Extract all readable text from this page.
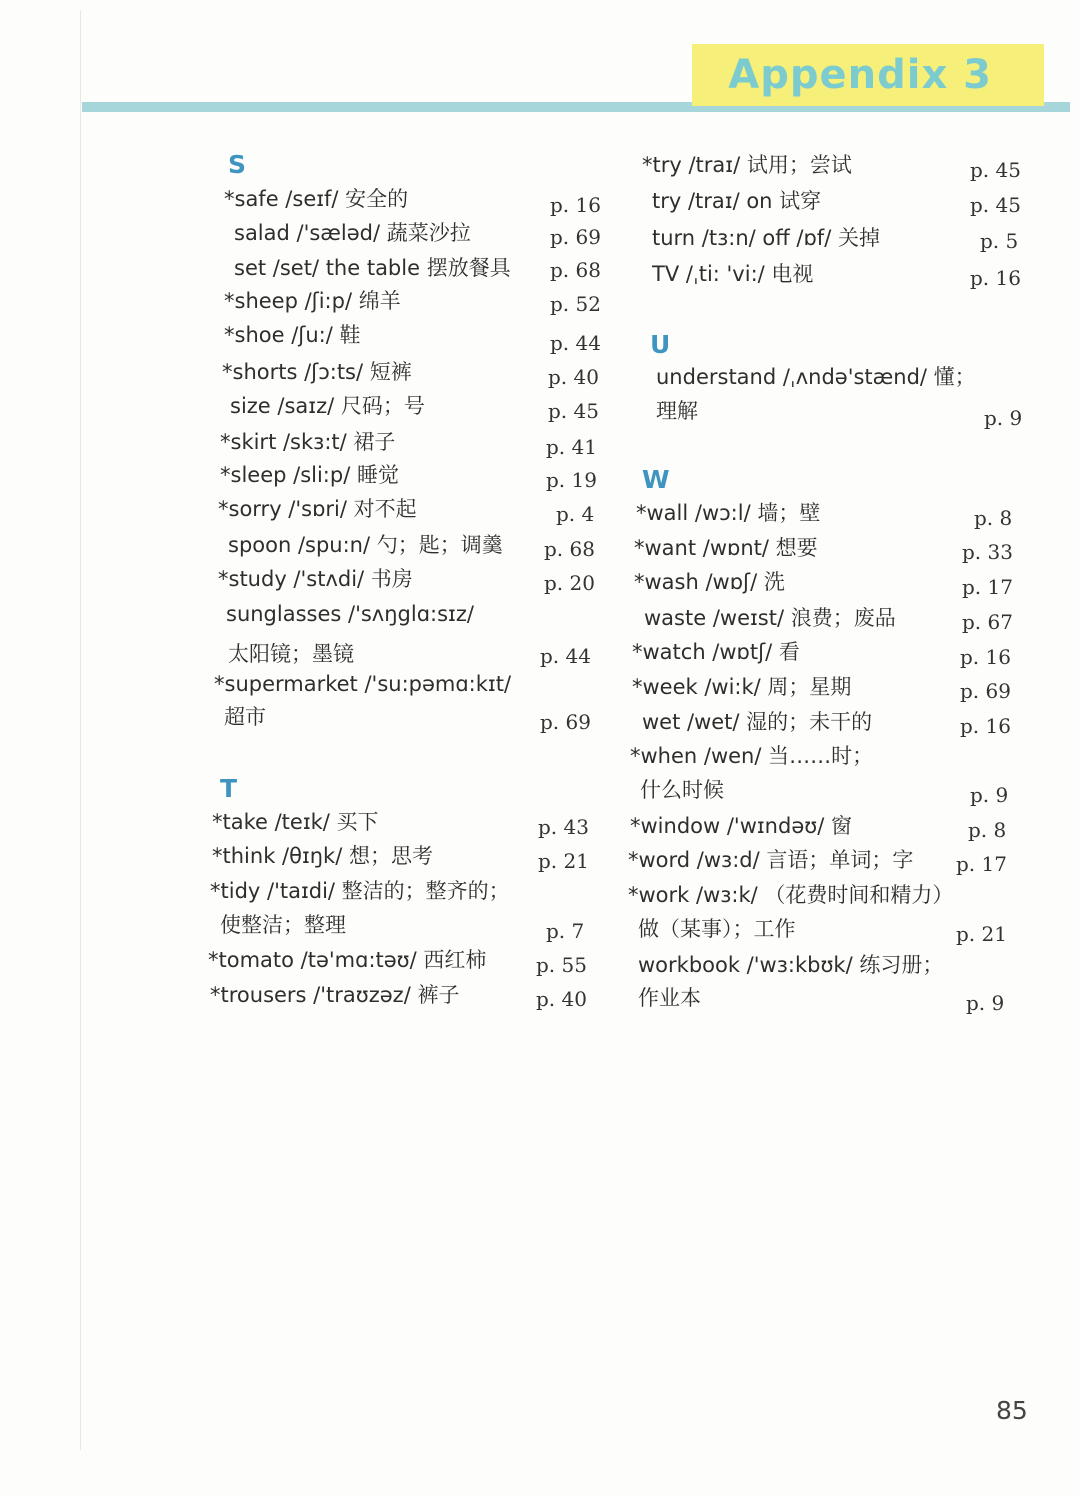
Appendix 3
S
*safe /seɪf/ 安全的	p. 16
salad /'sæləd/ 蔬菜沙拉	p. 69
set /set/ the table 摆放餐具 p. 68
*sheep /ʃi:p/ 绵羊	p. 52
*shoe /ʃu:/ 鞋	p. 44
*shorts /ʃɔ:ts/ 短裤	p. 40
size /saɪz/ 尺码；号	p. 45
*skirt /skɜ:t/ 裙子	p. 41
*sleep /sli:p/ 睡觉	p. 19
*sorry /'sɒri/ 对不起	p. 4
spoon /spu:n/ 勺；匙；调羹 p. 68
*study /'stʌdi/ 书房	p. 20
sunglasses /'sʌŋglɑ:sɪz/
太阳镜；墨镜	p. 44
*supermarket /'su:pəmɑ:kɪt/
超市	p. 69
T
*take /teɪk/ 买下	p. 43
*think /θɪŋk/ 想；思考	p. 21
*tidy /'taɪdi/ 整洁的；整齐的；
使整洁；整理	p. 7
*tomato /tə'mɑ:təʊ/ 西红柿 p. 55
*trousers /'traʊzəz/ 裤子	p. 40
*try /traɪ/ 试用；尝试	p. 45
try /traɪ/ on 试穿	p. 45
turn /tɜ:n/ off /ɒf/ 关掉	p. 5
TV /ˌti: 'vi:/ 电视	p. 16
U
understand /ˌʌndə'stænd/ 懂；
理解	p. 9
W
*wall /wɔ:l/ 墙；壁	p. 8
*want /wɒnt/ 想要	p. 33
*wash /wɒʃ/ 洗	p. 17
waste /weɪst/ 浪费；废品	p. 67
*watch /wɒtʃ/ 看	p. 16
*week /wi:k/ 周；星期	p. 69
wet /wet/ 湿的；未干的	p. 16
*when /wen/ 当……时；
什么时候	p. 9
*window /'wɪndəʊ/ 窗	p. 8
*word /wɜ:d/ 言语；单词；字 p. 17
*work /wɜ:k/ （花费时间和精力）
做（某事）；工作	p. 21
workbook /'wɜ:kbʊk/ 练习册；
作业本	p. 9
85
